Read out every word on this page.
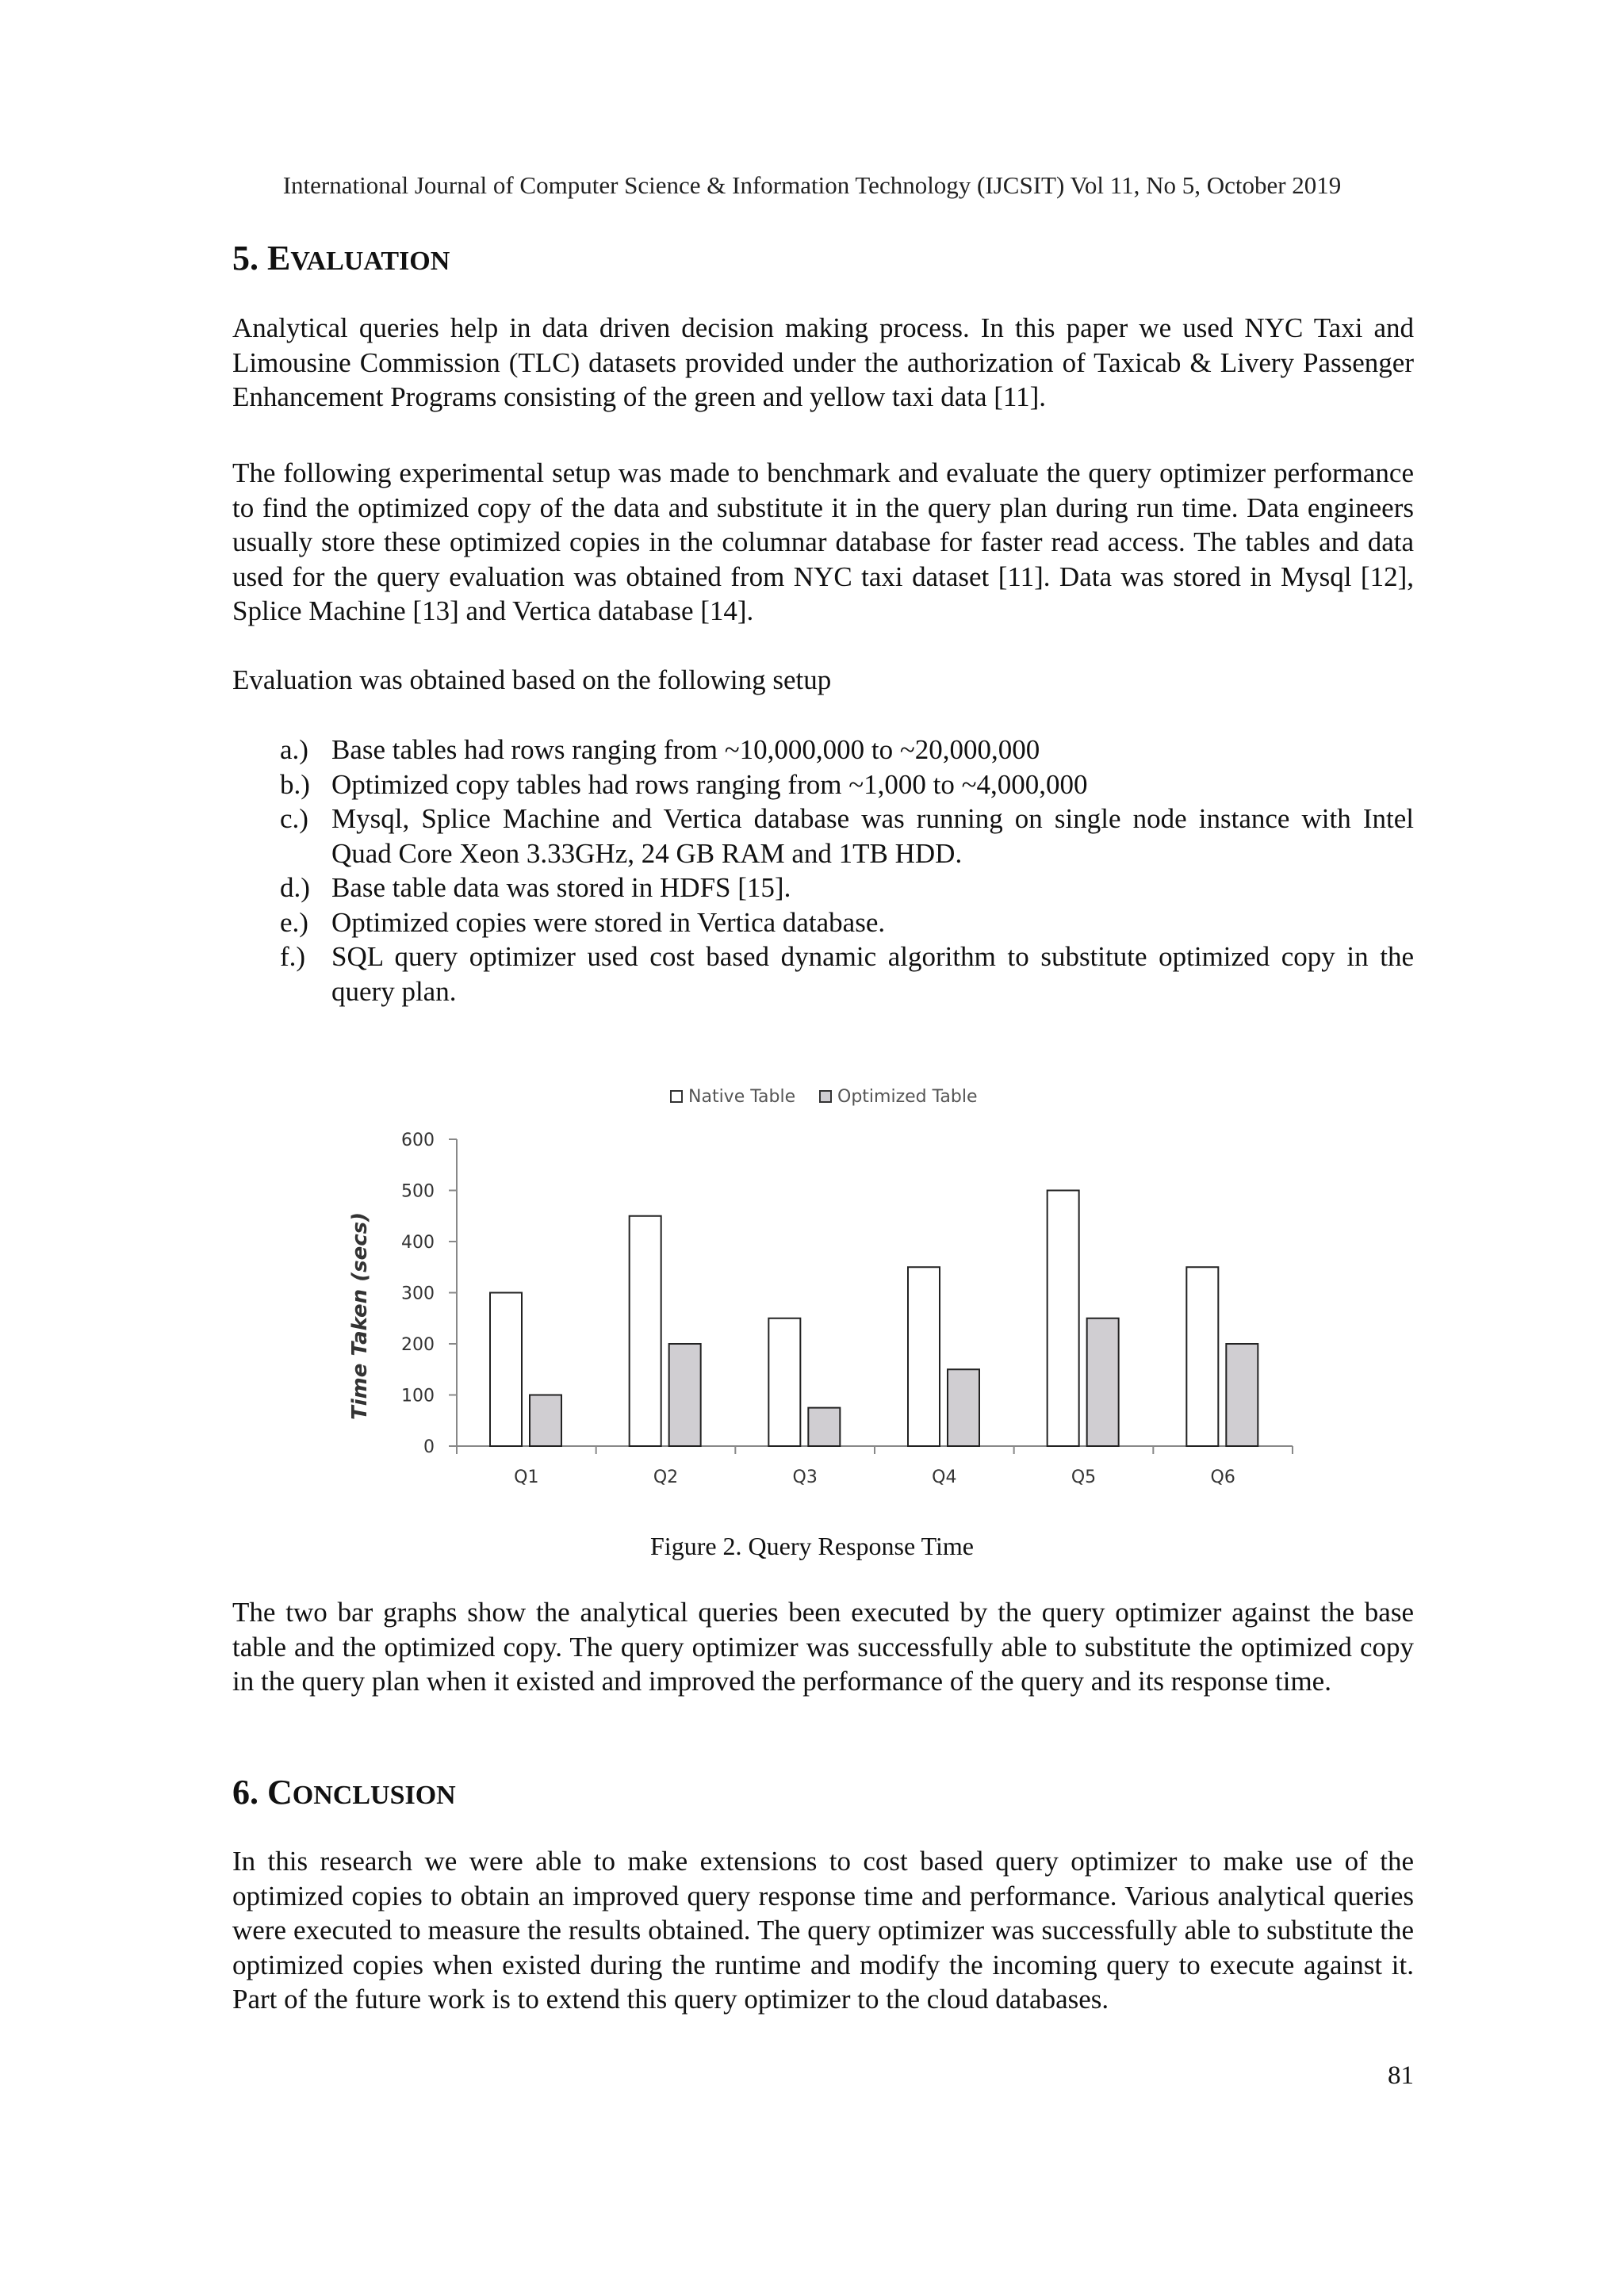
International Journal of Computer Science & Information Technology (IJCSIT) Vol 11, No 5, October 2019
5. EVALUATION
Analytical queries help in data driven decision making process. In this paper we used NYC Taxi and Limousine Commission (TLC) datasets provided under the authorization of Taxicab & Livery Passenger Enhancement Programs consisting of the green and yellow taxi data [11].
The following experimental setup was made to benchmark and evaluate the query optimizer performance to find the optimized copy of the data and substitute it in the query plan during run time. Data engineers usually store these optimized copies in the columnar database for faster read access. The tables and data used for the query evaluation was obtained from NYC taxi dataset [11]. Data was stored in Mysql [12], Splice Machine [13] and Vertica database [14].
Evaluation was obtained based on the following setup
a.) Base tables had rows ranging from ~10,000,000 to ~20,000,000
b.) Optimized copy tables had rows ranging from ~1,000 to ~4,000,000
c.) Mysql, Splice Machine and Vertica database was running on single node instance with Intel Quad Core Xeon 3.33GHz, 24 GB RAM and 1TB HDD.
d.) Base table data was stored in HDFS [15].
e.) Optimized copies were stored in Vertica database.
f.) SQL query optimizer used cost based dynamic algorithm to substitute optimized copy in the query plan.
Native Table Optimized Table
0
100
200
300
400
500
600
Q1	Q2	Q3	Q4	Q5	Q6
Time Taken (secs)
Figure 2. Query Response Time
The two bar graphs show the analytical queries been executed by the query optimizer against the base table and the optimized copy. The query optimizer was successfully able to substitute the optimized copy in the query plan when it existed and improved the performance of the query and its response time.
6. CONCLUSION
In this research we were able to make extensions to cost based query optimizer to make use of the optimized copies to obtain an improved query response time and performance. Various analytical queries were executed to measure the results obtained. The query optimizer was successfully able to substitute the optimized copies when existed during the runtime and modify the incoming query to execute against it. Part of the future work is to extend this query optimizer to the cloud databases.
81
